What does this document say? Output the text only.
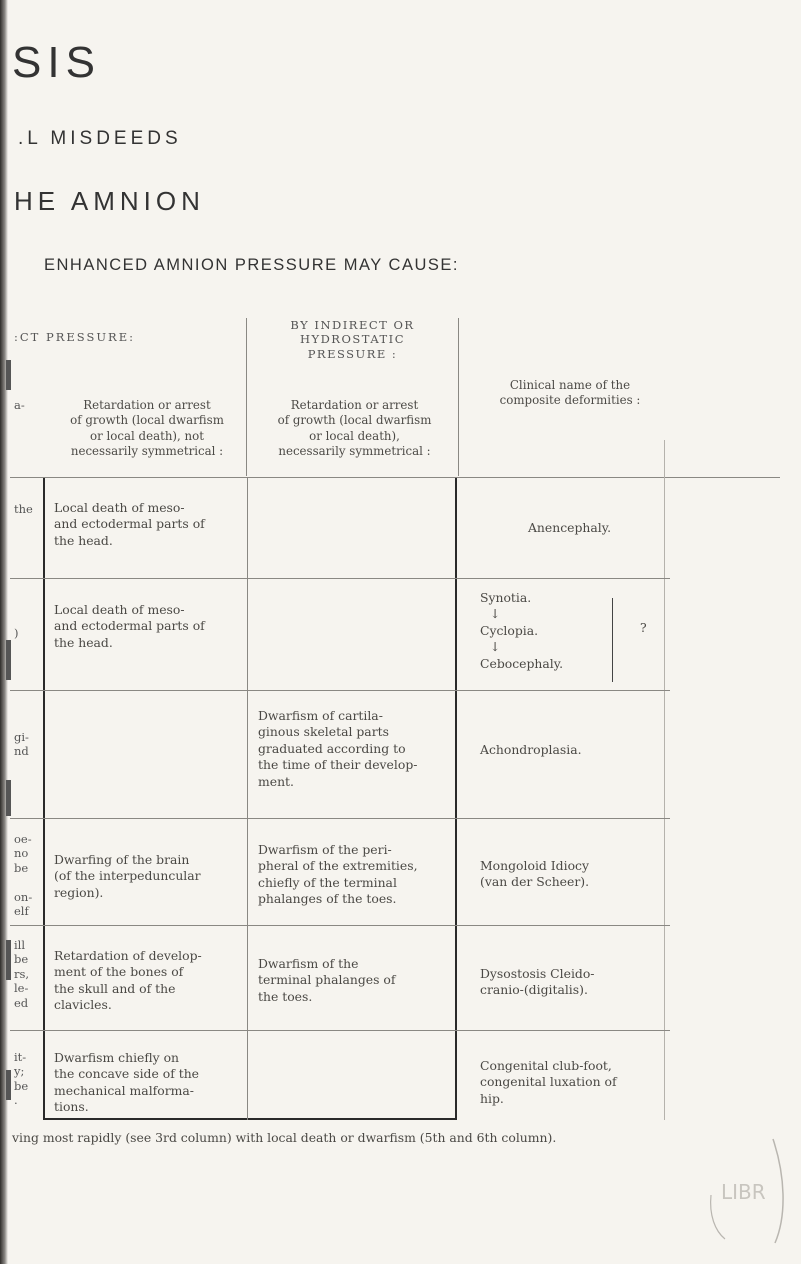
SIS
.L MISDEEDS
HE AMNION
ENHANCED AMNION PRESSURE MAY CAUSE:
:CT PRESSURE:
BY INDIRECT OR
HYDROSTATIC
PRESSURE :
Clinical name of the
composite deformities :
a-	Retardation or arrest
of growth (local dwarfism
or local death), not
necessarily symmetrical :
Retardation or arrest
of growth (local dwarfism
or local death),
necessarily symmetrical :
the Local death of meso-
and ectodermal parts of
the head.
Anencephaly.
)
Local death of meso-
and ectodermal parts of
the head.
Synotia.
↓
Cyclopia.
↓
Cebocephaly.
?
gi-
nd
Dwarfism of cartila-
ginous skeletal parts
graduated according to
the time of their develop-
ment.
Achondroplasia.
oe-
no
be

on-
elf
Dwarfing of the brain
(of the interpeduncular
region).
Dwarfism of the peri-
pheral of the extremities,
chiefly of the terminal
phalanges of the toes.
Mongoloid Idiocy
(van der Scheer).
ill
be
rs,
le-
ed
Retardation of develop-
ment of the bones of
the skull and of the
clavicles.
Dwarfism of the
terminal phalanges of
the toes.
Dysostosis Cleido-
cranio-(digitalis).
it-
y;
be
.
Dwarfism chiefly on
the concave side of the
mechanical malforma-
tions.
Congenital club-foot,
congenital luxation of
hip.
ving most rapidly (see 3rd column) with local death or dwarfism (5th and 6th column).
LIBR
